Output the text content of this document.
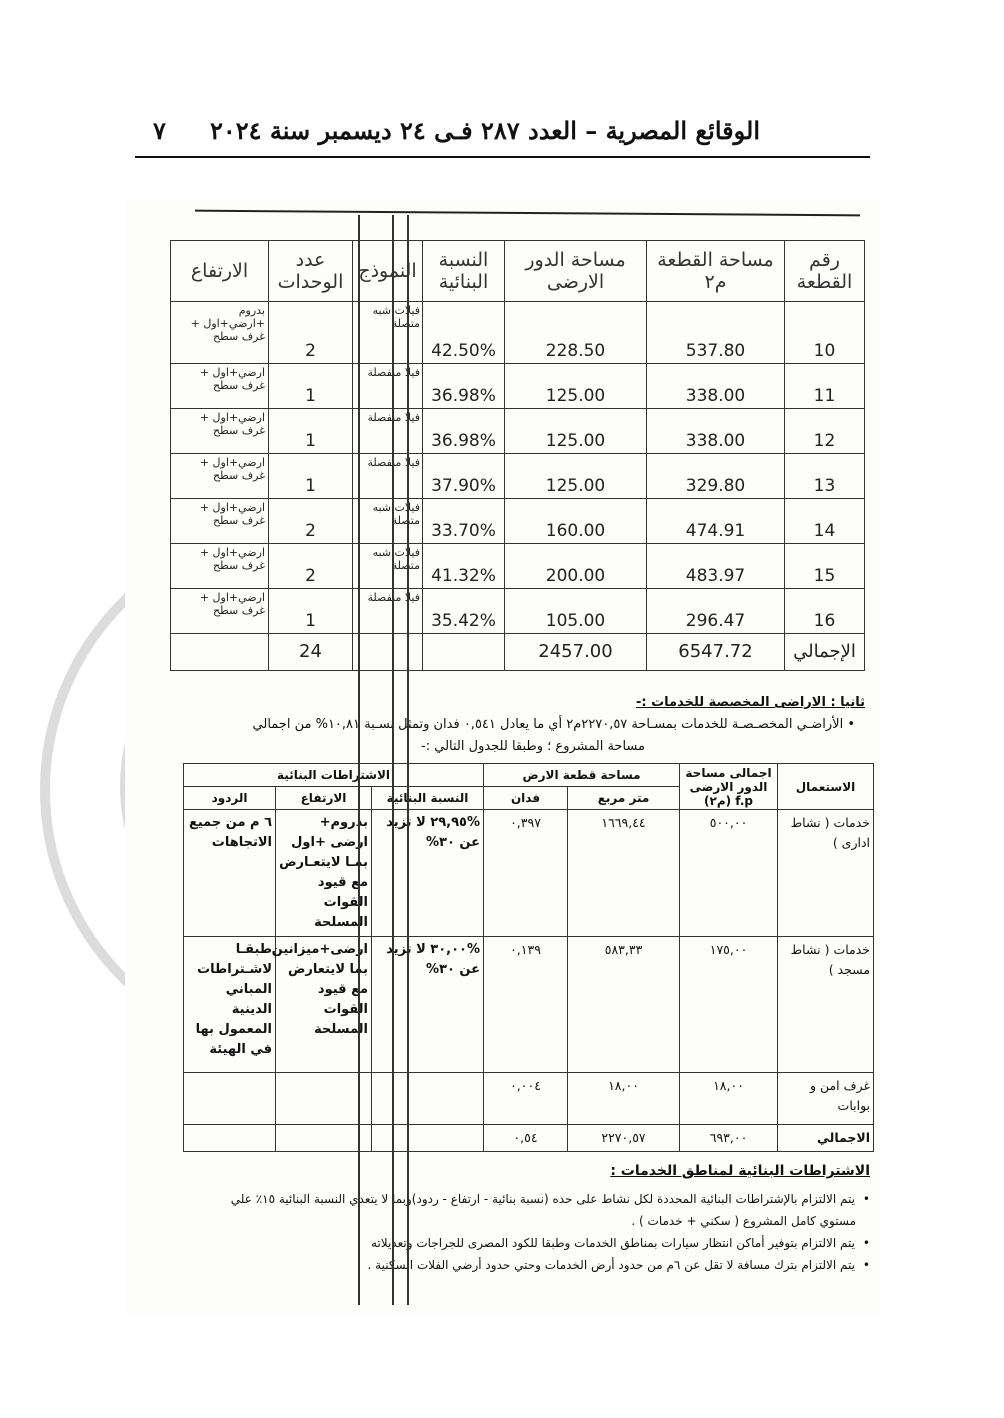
الوقائع المصرية – العدد ٢٨٧ فـى ٢٤ ديسمبر سنة ٢٠٢٤
٧
رقم القطعة	مساحة القطعة م٢	مساحة الدور الارضى	النسبة البنائية	النموذج	عدد الوحدات	الارتفاع
10	537.80	228.50	42.50%	فيلات شبه متصلة	2	بدروم +ارضي+اول + غرف سطح
11	338.00	125.00	36.98%	فيلا منفصلة	1	ارضي+اول + غرف سطح
12	338.00	125.00	36.98%	فيلا منفصلة	1	ارضي+اول + غرف سطح
13	329.80	125.00	37.90%	فيلا منفصلة	1	ارضي+اول + غرف سطح
14	474.91	160.00	33.70%	فيلات شبه متصلة	2	ارضي+اول + غرف سطح
15	483.97	200.00	41.32%	فيلات شبه متصلة	2	ارضي+اول + غرف سطح
16	296.47	105.00	35.42%	فيلا منفصلة	1	ارضي+اول + غرف سطح
الإجمالي	6547.72	2457.00			24	
ثانيا : الاراضى المخصصة للخدمات :-
• الأراضـي المخصـصـة للخدمات بمسـاحة ٢٢٧٠,٥٧م٢ أي ما يعادل ٠,٥٤١ فدان وتمثل نسـبة ١٠,٨١% من اجمالي
مساحة المشروع ؛ وطبقا للجدول التالي :-
الاستعمال	اجمالى مساحة الدور الارضى f.p (م٢)	مساحة قطعة الارض		الاشتراطات البنائية		
		متر مربع	فدان	النسبة البنائية	الارتفاع	الردود
خدمات ( نشاط ادارى )	٥٠٠,٠٠	١٦٦٩,٤٤	٠,٣٩٧	%٢٩,٩٥ لا تزيد عن ٣٠%	بدروم+ ارضى +اول بمـا لايتعـارض مع قيود القوات المسلحة	٦ م من جميع الاتجاهات
خدمات ( نشاط مسجد )	١٧٥,٠٠	٥٨٣,٣٣	٠,١٣٩	%٣٠,٠٠ لا تزيد عن ٣٠%	ارضى+ميزانين بما لايتعارض مع قيود القوات المسلحة	طبقـا لاشـتراطات المباني الدينية المعمول بها في الهيئة
غرف امن و بوابات	١٨,٠٠	١٨,٠٠	٠,٠٠٤			
الاجمالي	٦٩٣,٠٠	٢٢٧٠,٥٧	٠,٥٤			
الاشتراطات البنائية لمناطق الخدمات :
• يتم الالتزام بالإشتراطات البنائية المحددة لكل نشاط على حده (نسبة بنائية - ارتفاع - ردود)وبما لا يتعدي النسبة البنائية ١٥٪ علي
مستوي كامل المشروع ( سكني + خدمات ) .
• يتم الالتزام بتوفير أماكن انتظار سيارات بمناطق الخدمات وطبقا للكود المصرى للجراجات وتعديلاته
• يتم الالتزام بترك مسافة لا تقل عن ٦م من حدود أرض الخدمات وحتي حدود أرضي الفلات السكنية .
